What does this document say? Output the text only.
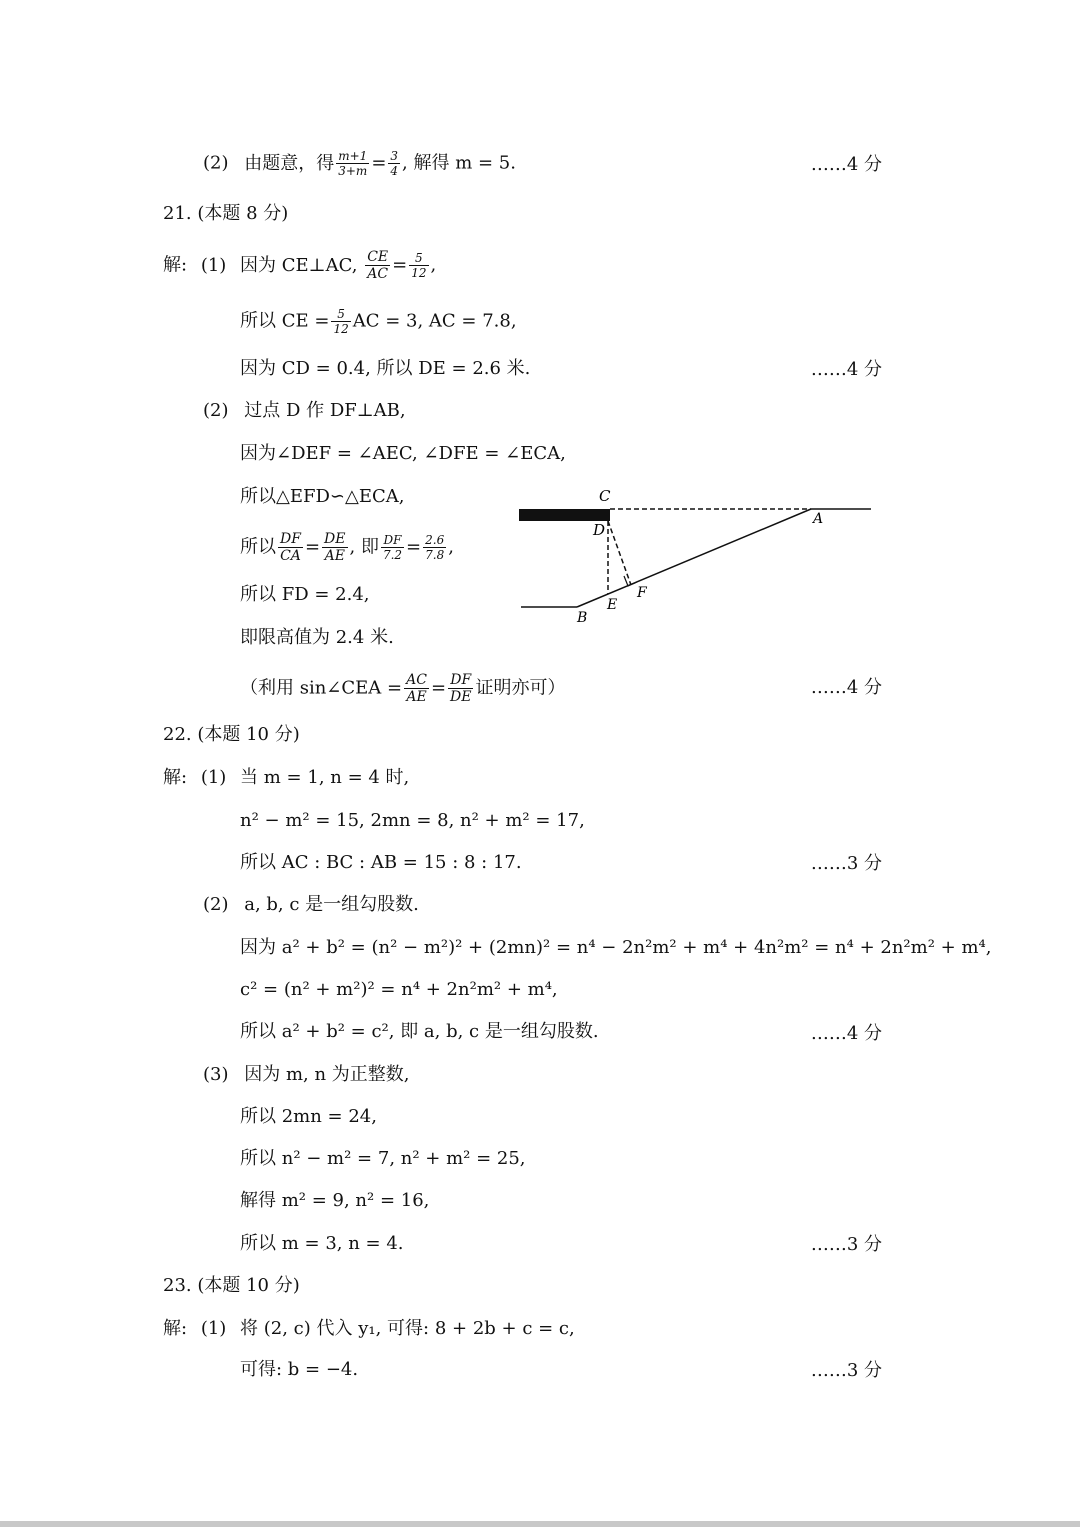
(2) 由题意，得 $\frac{m+1}{3+m} = \frac{3}{4}$ , 解得 m = 5.	……4 分
21. (本题 8 分)
解: (1) 因为 CE⊥AC, $\frac{CE}{AC} = \frac{5}{12}$ ,
所以 CE = $\frac{5}{12}$ AC = 3, AC = 7.8,
因为 CD = 0.4, 所以 DE = 2.6 米.	……4 分
(2) 过点 D 作 DF⊥AB,
因为∠DEF = ∠AEC, ∠DFE = ∠ECA,
所以△EFD∽△ECA,
所以 $\frac{DF}{CA} = \frac{DE}{AE}$ , 即 $\frac{DF}{7.2} = \frac{2.6}{7.8}$ ,
所以 FD = 2.4,
即限高值为 2.4 米.
（利用 sin∠CEA = $\frac{AC}{AE} = \frac{DF}{DE}$ 证明亦可）	……4 分
C
D
A
E
F
B
22. (本题 10 分)
解: (1) 当 m = 1, n = 4 时,
n² − m² = 15, 2mn = 8, n² + m² = 17,
所以 AC : BC : AB = 15 : 8 : 17.	……3 分
(2) a, b, c 是一组勾股数.
因为 a² + b² = (n² − m²)² + (2mn)² = n⁴ − 2n²m² + m⁴ + 4n²m² = n⁴ + 2n²m² + m⁴,
c² = (n² + m²)² = n⁴ + 2n²m² + m⁴,
所以 a² + b² = c², 即 a, b, c 是一组勾股数.	……4 分
(3) 因为 m, n 为正整数,
所以 2mn = 24,
所以 n² − m² = 7, n² + m² = 25,
解得 m² = 9, n² = 16,
所以 m = 3, n = 4.	……3 分
23. (本题 10 分)
解: (1) 将 (2, c) 代入 y₁, 可得: 8 + 2b + c = c,
可得: b = −4.	……3 分
